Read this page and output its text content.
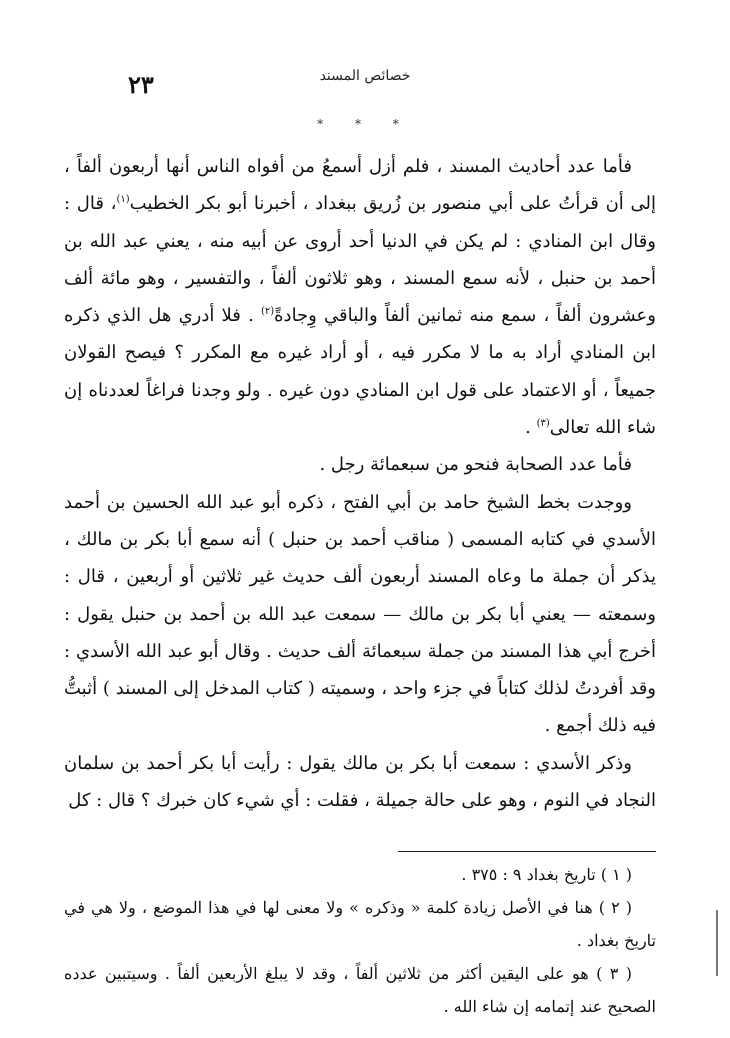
٢٣	خصائص المسند
* * *

فأما عدد أحاديث المسند ، فلم أزل أسمعُ من أفواه الناس أنها أربعون ألفاً ، إلى أن قرأتُ على أبي منصور بن زُريق ببغداد ، أخبرنا أبو بكر الخطيب$^{(١)}$، قال : وقال ابن المنادي : لم يكن في الدنيا أحد أروى عن أبيه منه ، يعني عبد الله بن أحمد بن حنبل ، لأنه سمع المسند ، وهو ثلاثون ألفاً ، والتفسير ، وهو مائة ألف وعشرون ألفاً ، سمع منه ثمانين ألفاً والباقي وِجادةً$^{(٢)}$ . فلا أدري هل الذي ذكره ابن المنادي أراد به ما لا مكرر فيه ، أو أراد غيره مع المكرر ؟ فيصح القولان جميعاً ، أو الاعتماد على قول ابن المنادي دون غيره . ولو وجدنا فراغاً لعددناه إن شاء الله تعالى$^{(٣)}$ .

فأما عدد الصحابة فنحو من سبعمائة رجل .

ووجدت بخط الشيخ حامد بن أبي الفتح ، ذكره أبو عبد الله الحسين بن أحمد الأسدي في كتابه المسمى ( مناقب أحمد بن حنبل ) أنه سمع أبا بكر بن مالك ، يذكر أن جملة ما وعاه المسند أربعون ألف حديث غير ثلاثين أو أربعين ، قال : وسمعته — يعني أبا بكر بن مالك — سمعت عبد الله بن أحمد بن حنبل يقول : أخرج أبي هذا المسند من جملة سبعمائة ألف حديث . وقال أبو عبد الله الأسدي : وقد أفردتُ لذلك كتاباً في جزء واحد ، وسميته ( كتاب المدخل إلى المسند ) أثبتُّ فيه ذلك أجمع .

وذكر الأسدي : سمعت أبا بكر بن مالك يقول : رأيت أبا بكر أحمد بن سلمان النجاد في النوم ، وهو على حالة جميلة ، فقلت : أي شيء كان خبرك ؟ قال : كل

( ١ ) تاريخ بغداد ٩ : ٣٧٥ .

( ٢ ) هنا في الأصل زيادة كلمة « وذكره » ولا معنى لها في هذا الموضع ، ولا هي في تاريخ بغداد .

( ٣ ) هو على اليقين أكثر من ثلاثين ألفاً ، وقد لا يبلغ الأربعين ألفاً . وسيتبين عدده الصحيح عند إتمامه إن شاء الله .
